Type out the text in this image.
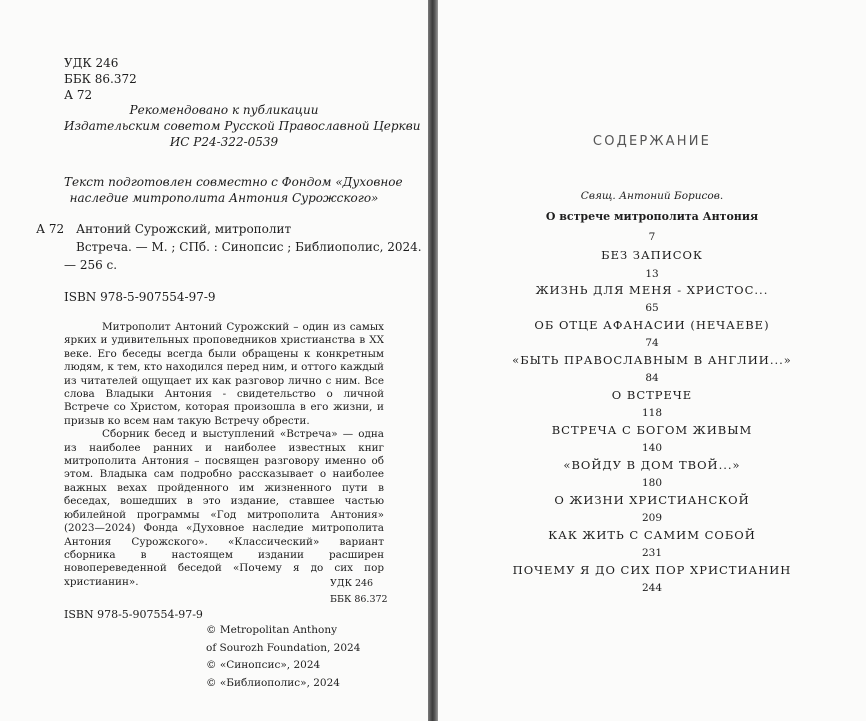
УДК 246
ББК 86.372
А 72
Рекомендовано к публикации
Издательским советом Русской Православной Церкви
ИС Р24-322-0539
Текст подготовлен совместно с Фондом «Духовное
наследие митрополита Антония Сурожского»
А 72 Антоний Сурожский, митрополит
Встреча. — М. ; СПб. : Синопсис ; Библиополис, 2024.
— 256 с.
ISBN 978-5-907554-97-9

Митрополит Антоний Сурожский – один из самых ярких и удивительных проповедников христианства в XX веке. Его беседы всегда были обращены к конкретным людям, к тем, кто находился перед ним, и оттого каждый из читателей ощущает их как разговор лично с ним. Все слова Владыки Антония - свидетельство о личной Встрече со Христом, которая произошла в его жизни, и призыв ко всем нам такую Встречу обрести.

Сборник бесед и выступлений «Встреча» — одна из наиболее ранних и наиболее известных книг митрополита Антония – посвящен разговору именно об этом. Владыка сам подробно рассказывает о наиболее важных вехах пройденного им жизненного пути в беседах, вошедших в это издание, ставшее частью юбилейной программы «Год митрополита Антония» (2023—2024) Фонда «Духовное наследие митрополита Антония Сурожского». «Классический» вариант сборника в настоящем издании расширен новопереведенной беседой «Почему я до сих пор христианин».	УДК 246
ББК 86.372
ISBN 978-5-907554-97-9
© Metropolitan Anthony
of Sourozh Foundation, 2024
© «Синопсис», 2024
© «Библиополис», 2024
СОДЕРЖАНИЕ
Свящ. Антоний Борисов.
О встрече митрополита Антония
7
БЕЗ ЗАПИСОК
13
ЖИЗНЬ ДЛЯ МЕНЯ - ХРИСТОС...
65
ОБ ОТЦЕ АФАНАСИИ (НЕЧАЕВЕ)
74
«БЫТЬ ПРАВОСЛАВНЫМ В АНГЛИИ...»
84
О ВСТРЕЧЕ
118
ВСТРЕЧА С БОГОМ ЖИВЫМ
140
«ВОЙДУ В ДОМ ТВОЙ...»
180
О ЖИЗНИ ХРИСТИАНСКОЙ
209
КАК ЖИТЬ С САМИМ СОБОЙ
231
ПОЧЕМУ Я ДО СИХ ПОР ХРИСТИАНИН
244
